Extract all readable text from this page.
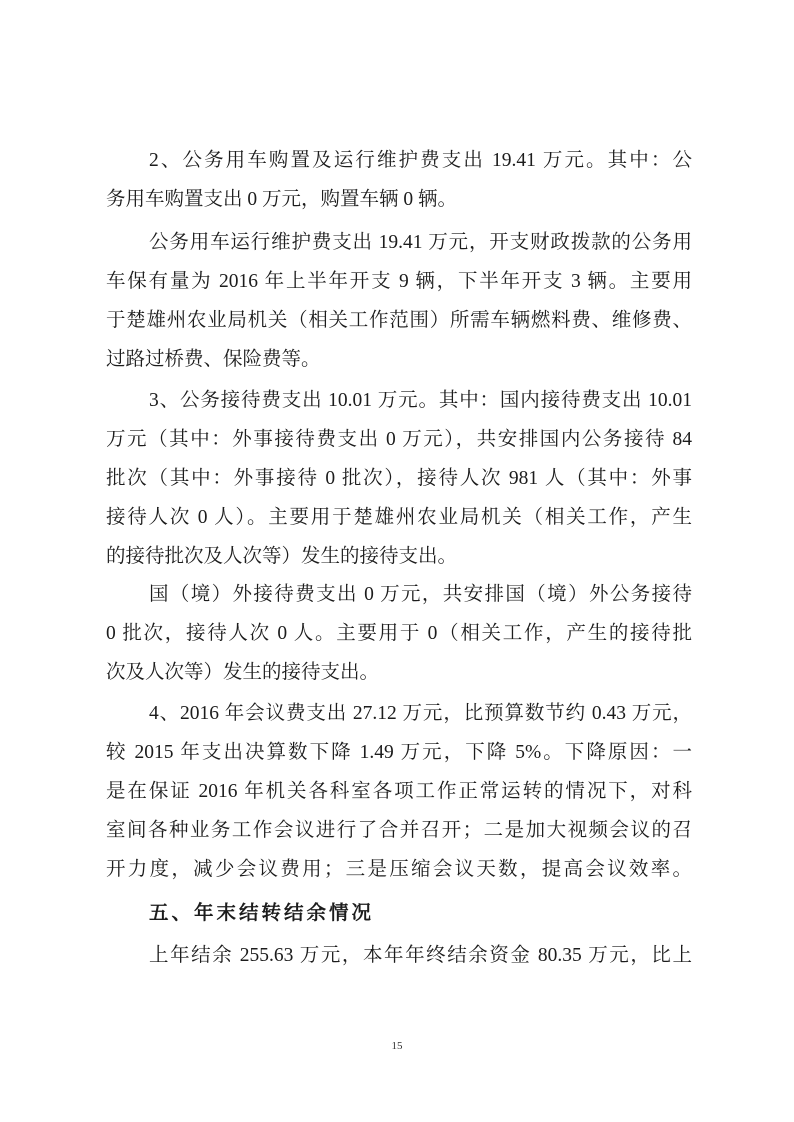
2、公务用车购置及运行维护费支出 19.41 万元。其中：公
务用车购置支出 0 万元，购置车辆 0 辆。
公务用车运行维护费支出 19.41 万元，开支财政拨款的公务用
车保有量为 2016 年上半年开支 9 辆，下半年开支 3 辆。主要用
于楚雄州农业局机关（相关工作范围）所需车辆燃料费、维修费、
过路过桥费、保险费等。
3、公务接待费支出 10.01 万元。其中：国内接待费支出 10.01
万元（其中：外事接待费支出 0 万元），共安排国内公务接待 84
批次（其中：外事接待 0 批次），接待人次 981 人（其中：外事
接待人次 0 人）。主要用于楚雄州农业局机关（相关工作，产生
的接待批次及人次等）发生的接待支出。
国（境）外接待费支出 0 万元，共安排国（境）外公务接待
0 批次，接待人次 0 人。主要用于 0（相关工作，产生的接待批
次及人次等）发生的接待支出。
4、2016 年会议费支出 27.12 万元，比预算数节约 0.43 万元，
较 2015 年支出决算数下降 1.49 万元，下降 5%。下降原因：一
是在保证 2016 年机关各科室各项工作正常运转的情况下，对科
室间各种业务工作会议进行了合并召开；二是加大视频会议的召
开力度，减少会议费用；三是压缩会议天数，提高会议效率。
五、年末结转结余情况
上年结余 255.63 万元，本年年终结余资金 80.35 万元，比上
15
